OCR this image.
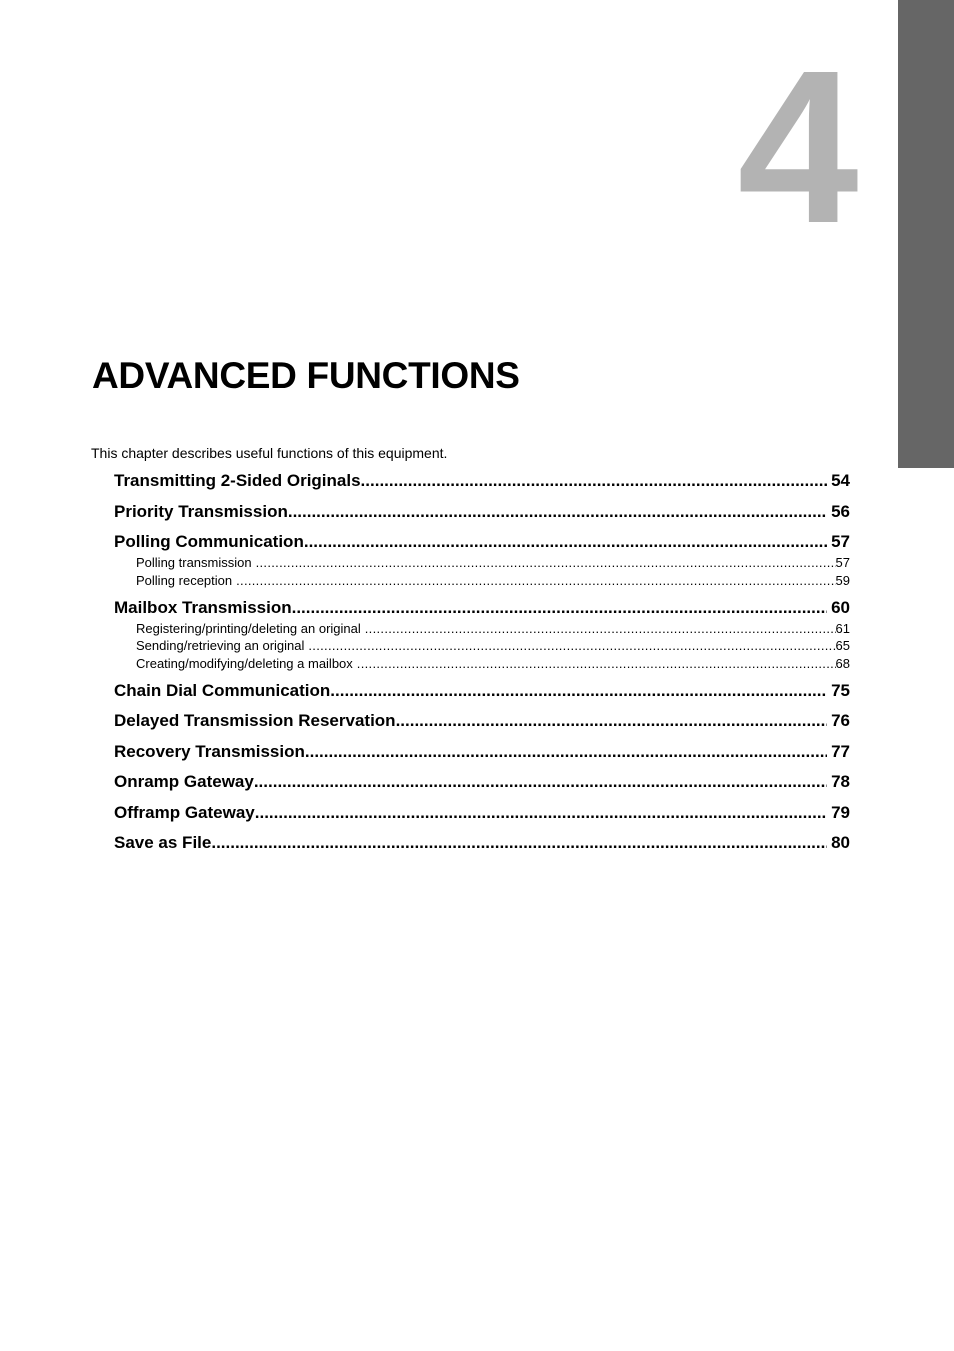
4
ADVANCED FUNCTIONS
This chapter describes useful functions of this equipment.
Transmitting 2-Sided Originals .....	54
Priority Transmission .....	56
Polling Communication .....	57
Polling transmission .....	57
Polling reception .....	59
Mailbox Transmission .....	60
Registering/printing/deleting an original .....	61
Sending/retrieving an original .....	65
Creating/modifying/deleting a mailbox .....	68
Chain Dial Communication .....	75
Delayed Transmission Reservation .....	76
Recovery Transmission .....	77
Onramp Gateway .....	78
Offramp Gateway .....	79
Save as File .....	80
